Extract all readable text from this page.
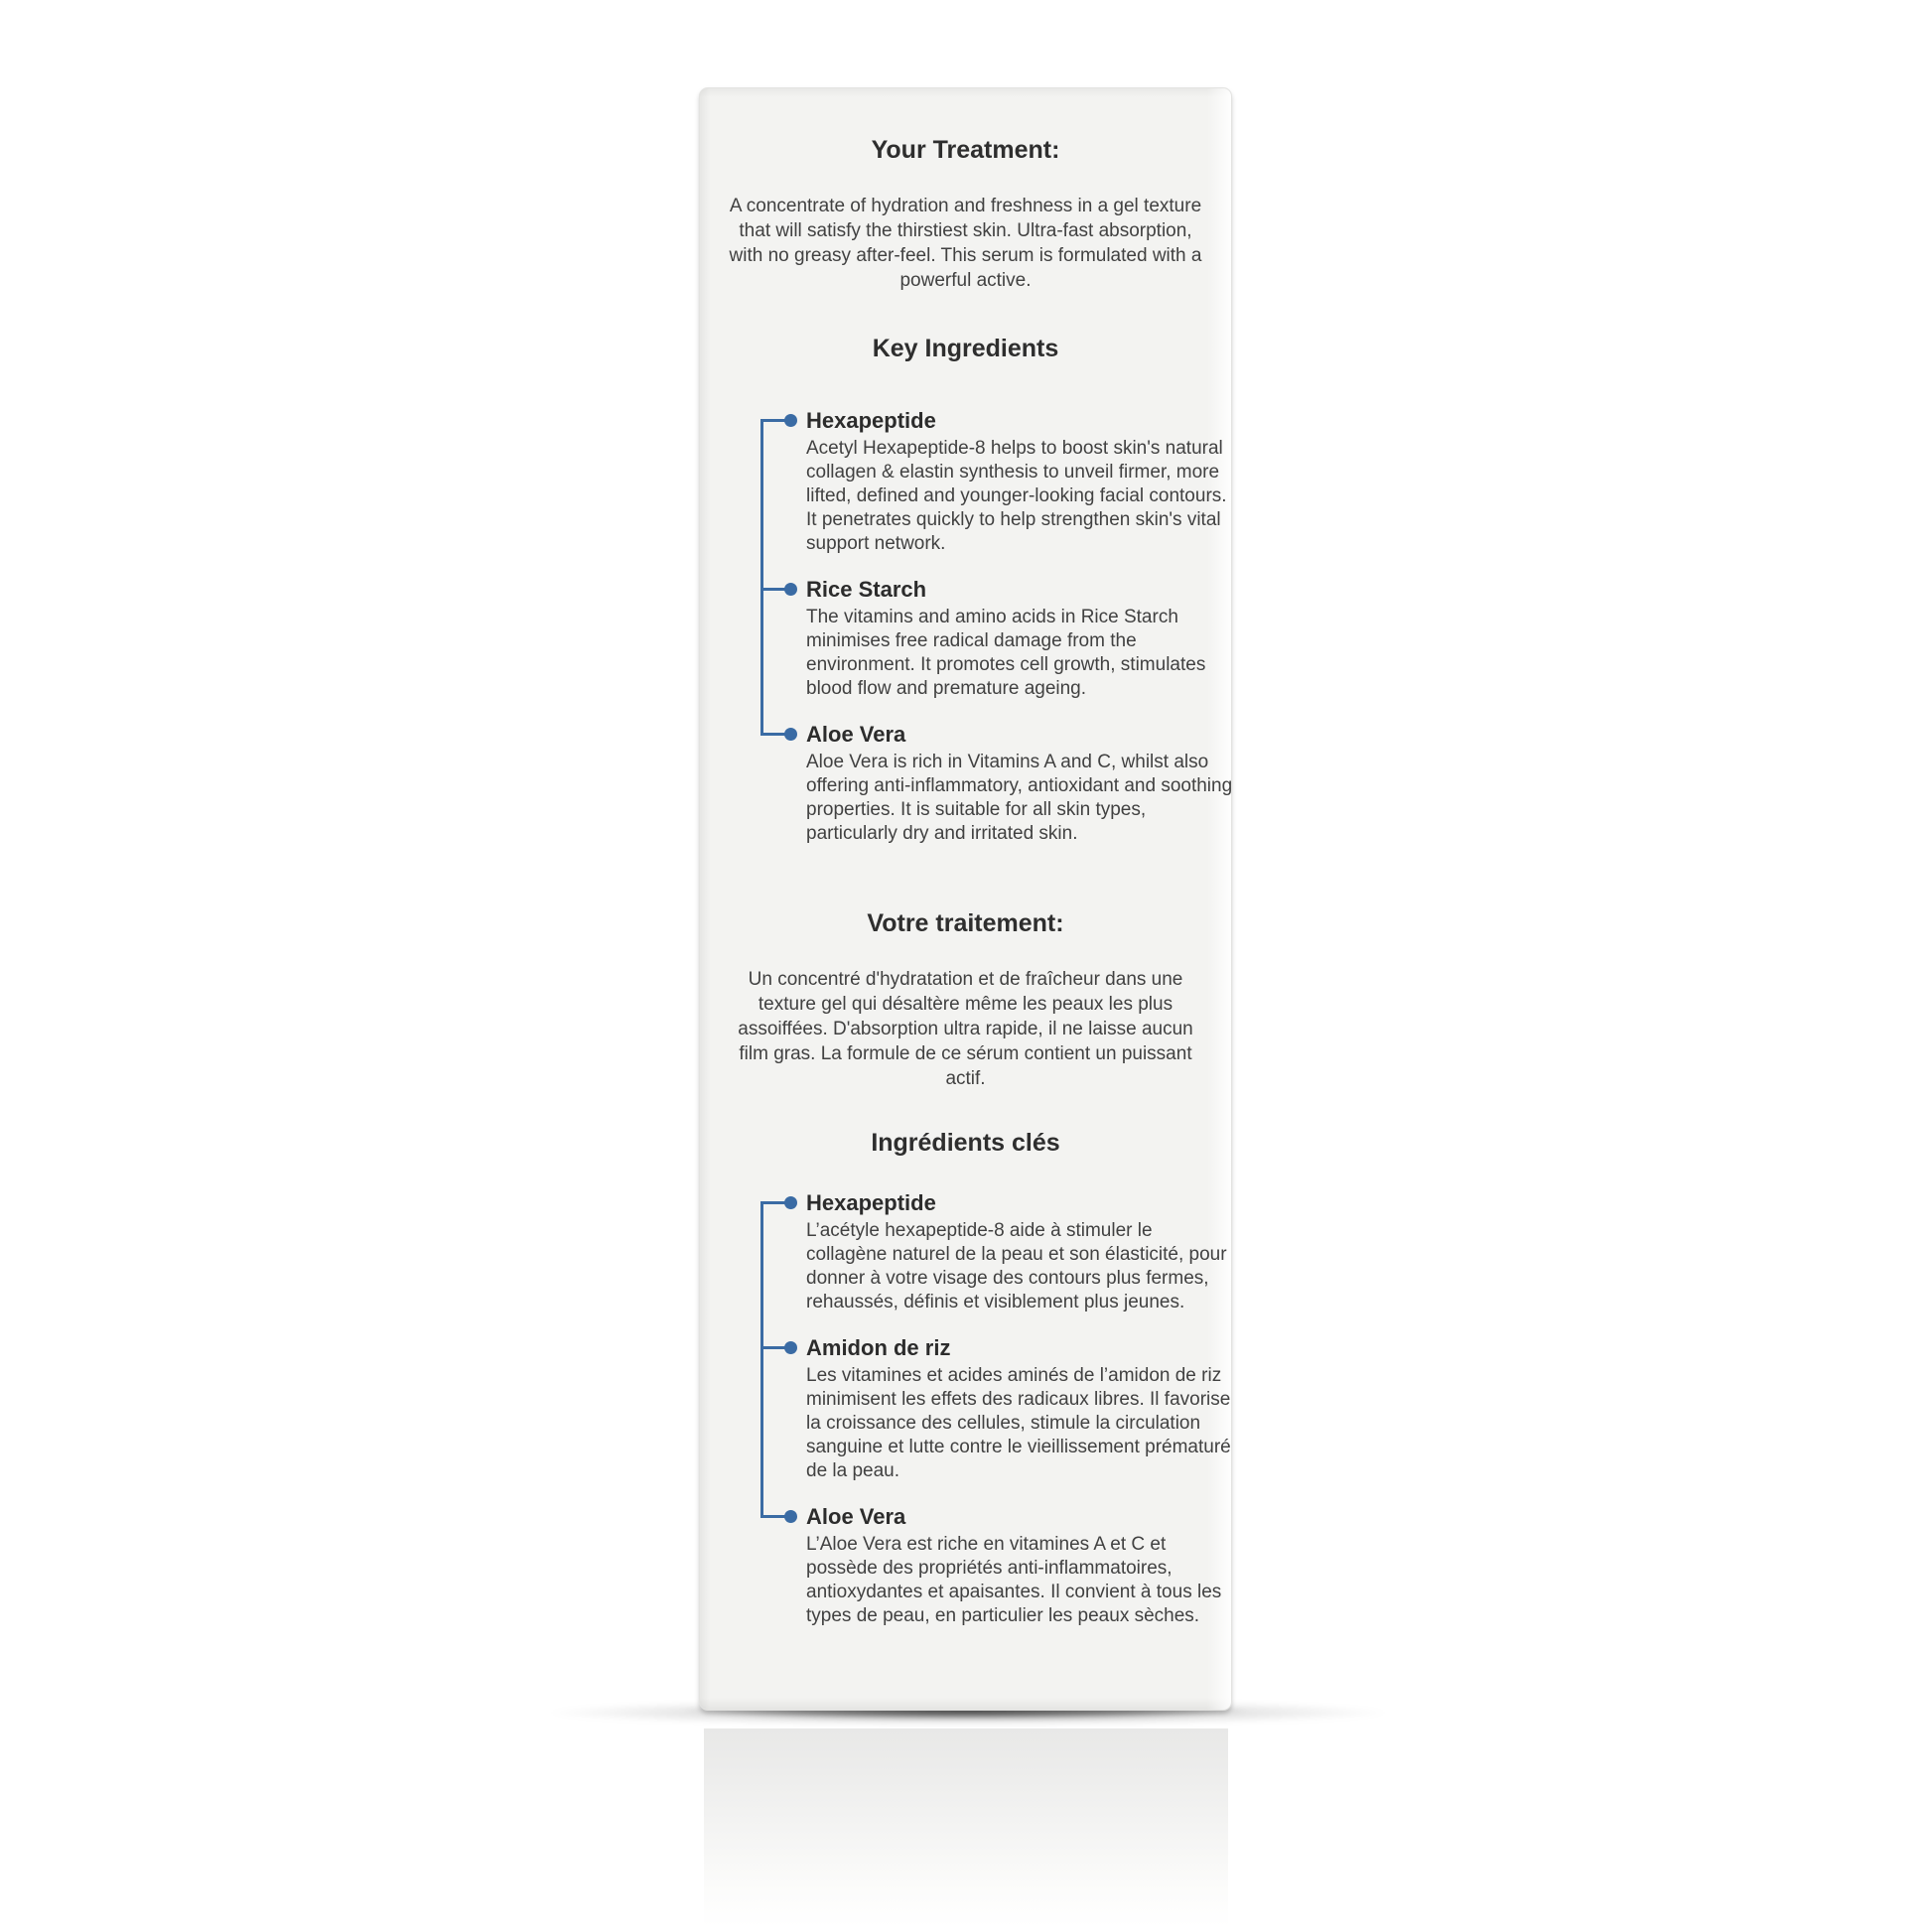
Your Treatment:

A concentrate of hydration and freshness in a gel texture that will satisfy the thirstiest skin. Ultra-fast absorption, with no greasy after-feel. This serum is formulated with a powerful active.

Key Ingredients
Hexapeptide

Acetyl Hexapeptide-8 helps to boost skin's natural collagen & elastin synthesis to unveil firmer, more lifted, defined and younger-looking facial contours. It penetrates quickly to help strengthen skin's vital support network.

Rice Starch

The vitamins and amino acids in Rice Starch minimises free radical damage from the environment. It promotes cell growth, stimulates blood flow and premature ageing.

Aloe Vera

Aloe Vera is rich in Vitamins A and C, whilst also offering anti-inflammatory, antioxidant and soothing properties. It is suitable for all skin types, particularly dry and irritated skin.

Votre traitement:

Un concentré d'hydratation et de fraîcheur dans une texture gel qui désaltère même les peaux les plus assoiffées. D'absorption ultra rapide, il ne laisse aucun film gras. La formule de ce sérum contient un puissant actif.

Ingrédients clés
Hexapeptide

L’acétyle hexapeptide-8 aide à stimuler le collagène naturel de la peau et son élasticité, pour donner à votre visage des contours plus fermes, rehaussés, définis et visiblement plus jeunes.

Amidon de riz

Les vitamines et acides aminés de l’amidon de riz minimisent les effets des radicaux libres. Il favorise la croissance des cellules, stimule la circulation sanguine et lutte contre le vieillissement prématuré de la peau.

Aloe Vera

L’Aloe Vera est riche en vitamines A et C et possède des propriétés anti-inflammatoires, antioxydantes et apaisantes. Il convient à tous les types de peau, en particulier les peaux sèches.
